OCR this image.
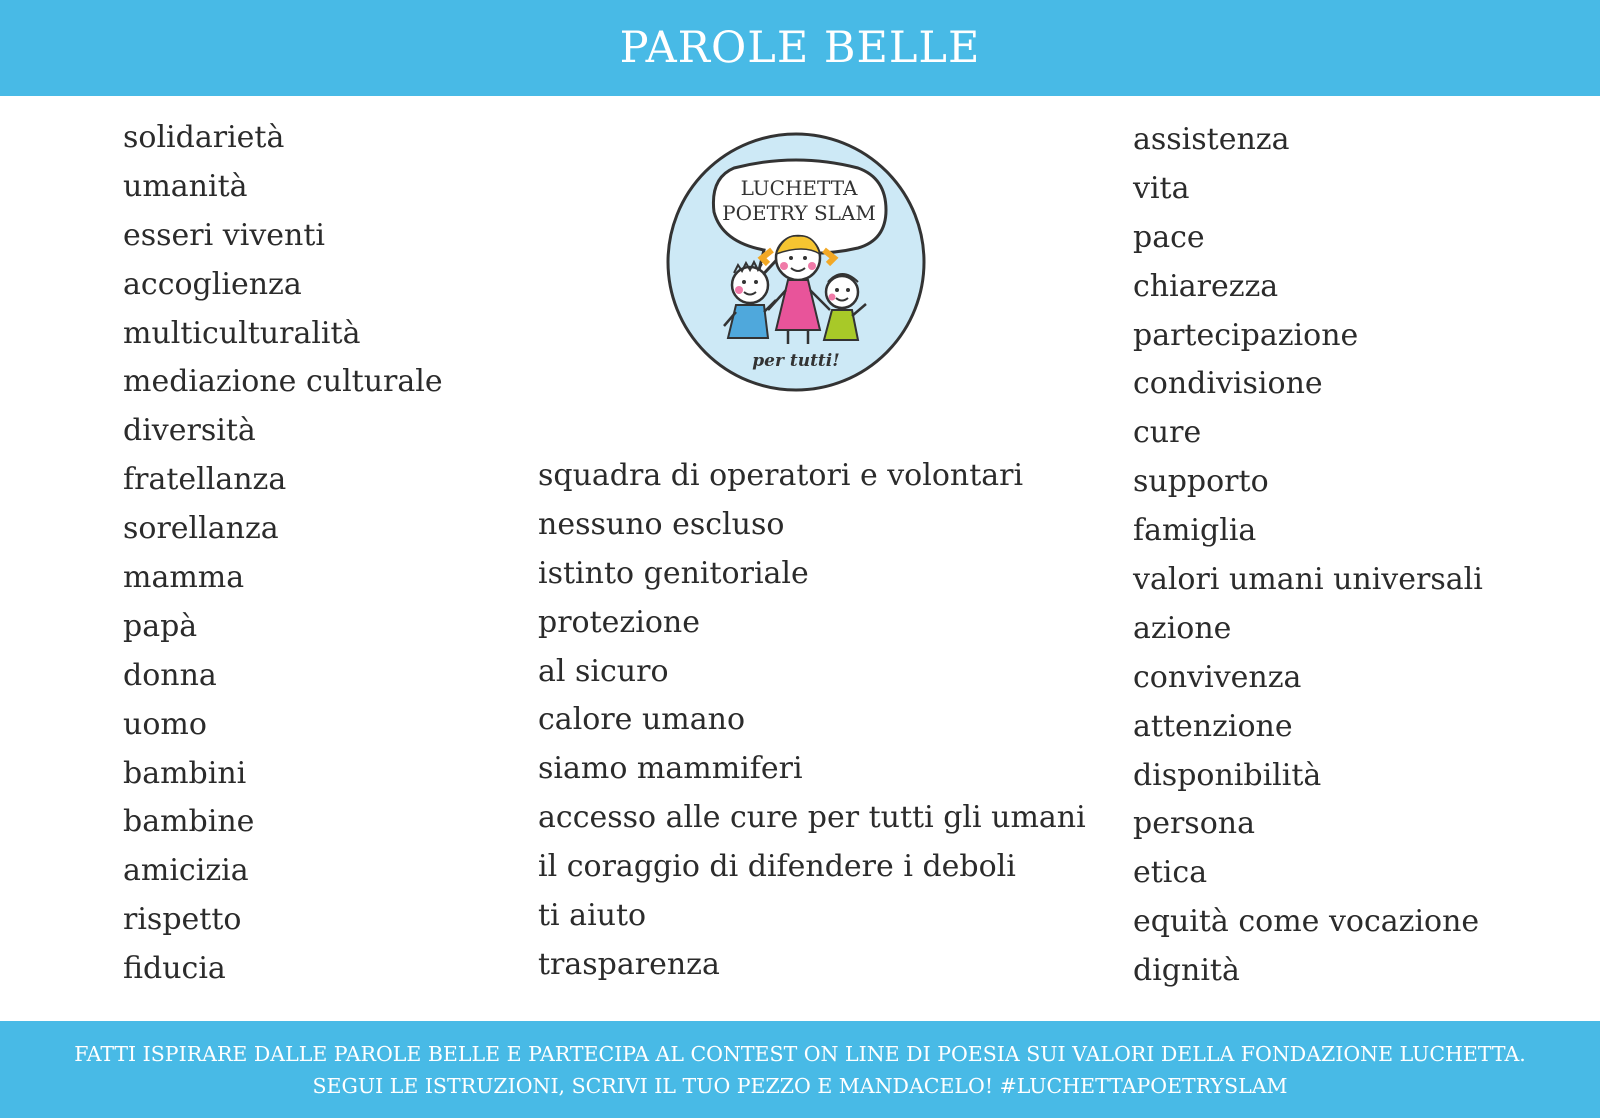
PAROLE BELLE
solidarietà
umanità
esseri viventi
accoglienza
multiculturalità
mediazione culturale
diversità
fratellanza
sorellanza
mamma
papà
donna
uomo
bambini
bambine
amicizia
rispetto
fiducia
LUCHETTA
POETRY SLAM
per tutti!
squadra di operatori e volontari
nessuno escluso
istinto genitoriale
protezione
al sicuro
calore umano
siamo mammiferi
accesso alle cure per tutti gli umani
il coraggio di difendere i deboli
ti aiuto
trasparenza
assistenza
vita
pace
chiarezza
partecipazione
condivisione
cure
supporto
famiglia
valori umani universali
azione
convivenza
attenzione
disponibilità
persona
etica
equità come vocazione
dignità

FATTI ISPIRARE DALLE PAROLE BELLE E PARTECIPA AL CONTEST ON LINE DI POESIA SUI VALORI DELLA FONDAZIONE LUCHETTA.

SEGUI LE ISTRUZIONI, SCRIVI IL TUO PEZZO E MANDACELO! #LUCHETTAPOETRYSLAM
